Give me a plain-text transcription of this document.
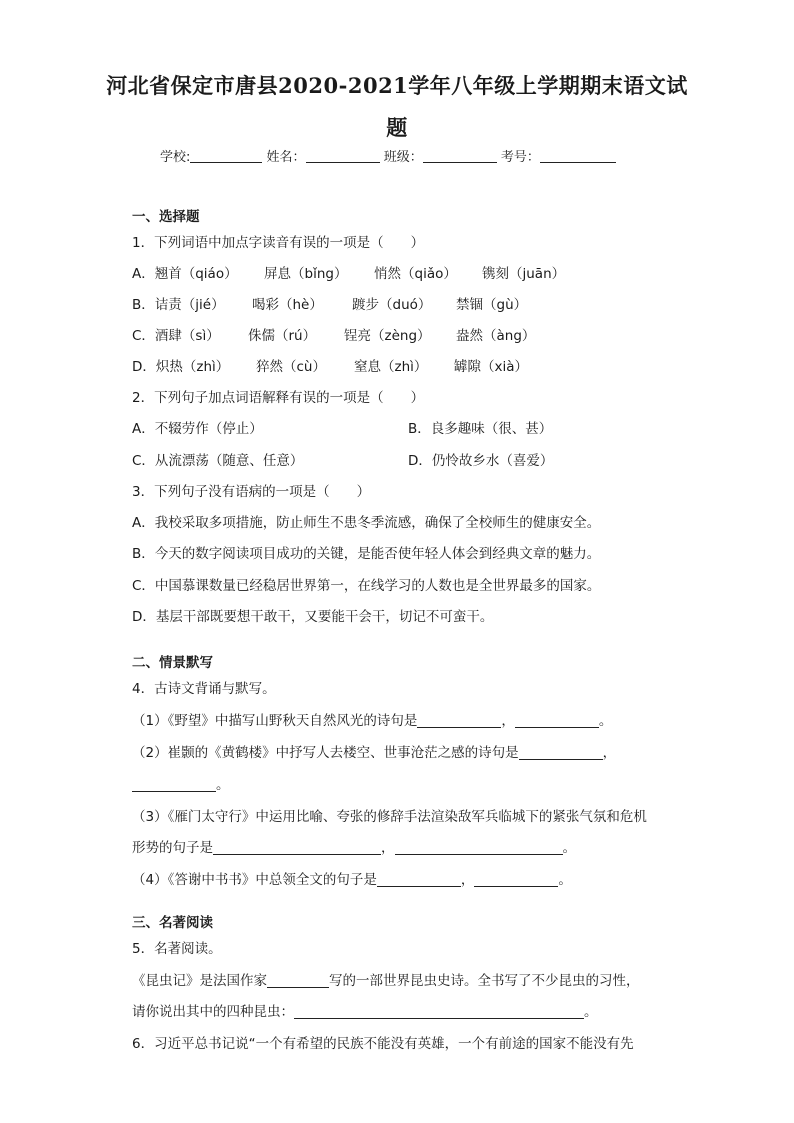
河北省保定市唐县2020-2021学年八年级上学期期末语文试
题
学校:	姓名：	班级：	考号：
一、选择题
1．下列词语中加点字读音有误的一项是（　　）
A．翘首（qiáo） 屏息（bǐng） 悄然（qiǎo） 镌刻（juān）
B．诘责（jié） 喝彩（hè） 踱步（duó） 禁锢（gù）
C．酒肆（sì） 侏儒（rú） 锃亮（zèng） 盎然（àng）
D．炽热（zhì） 猝然（cù） 窒息（zhì） 罅隙（xià）
2．下列句子加点词语解释有误的一项是（　　）
A．不辍劳作（停止）	B．良多趣味（很、甚）
C．从流漂荡（随意、任意）	D．仍怜故乡水（喜爱）
3．下列句子没有语病的一项是（　　）
A．我校采取多项措施，防止师生不患冬季流感，确保了全校师生的健康安全。
B．今天的数字阅读项目成功的关键，是能否使年轻人体会到经典文章的魅力。
C．中国慕课数量已经稳居世界第一，在线学习的人数也是全世界最多的国家。
D．基层干部既要想干敢干，又要能干会干，切记不可蛮干。
二、情景默写
4．古诗文背诵与默写。
（1）《野望》中描写山野秋天自然风光的诗句是	，	。
（2）崔颢的《黄鹤楼》中抒写人去楼空、世事沧茫之感的诗句是	，
。
（3）《雁门太守行》中运用比喻、夸张的修辞手法渲染敌军兵临城下的紧张气氛和危机
形势的句子是	，	。
（4）《答谢中书书》中总领全文的句子是	，	。
三、名著阅读
5．名著阅读。
《昆虫记》是法国作家	写的一部世界昆虫史诗。全书写了不少昆虫的习性，
请你说出其中的四种昆虫：	。
6．习近平总书记说“一个有希望的民族不能没有英雄，一个有前途的国家不能没有先
